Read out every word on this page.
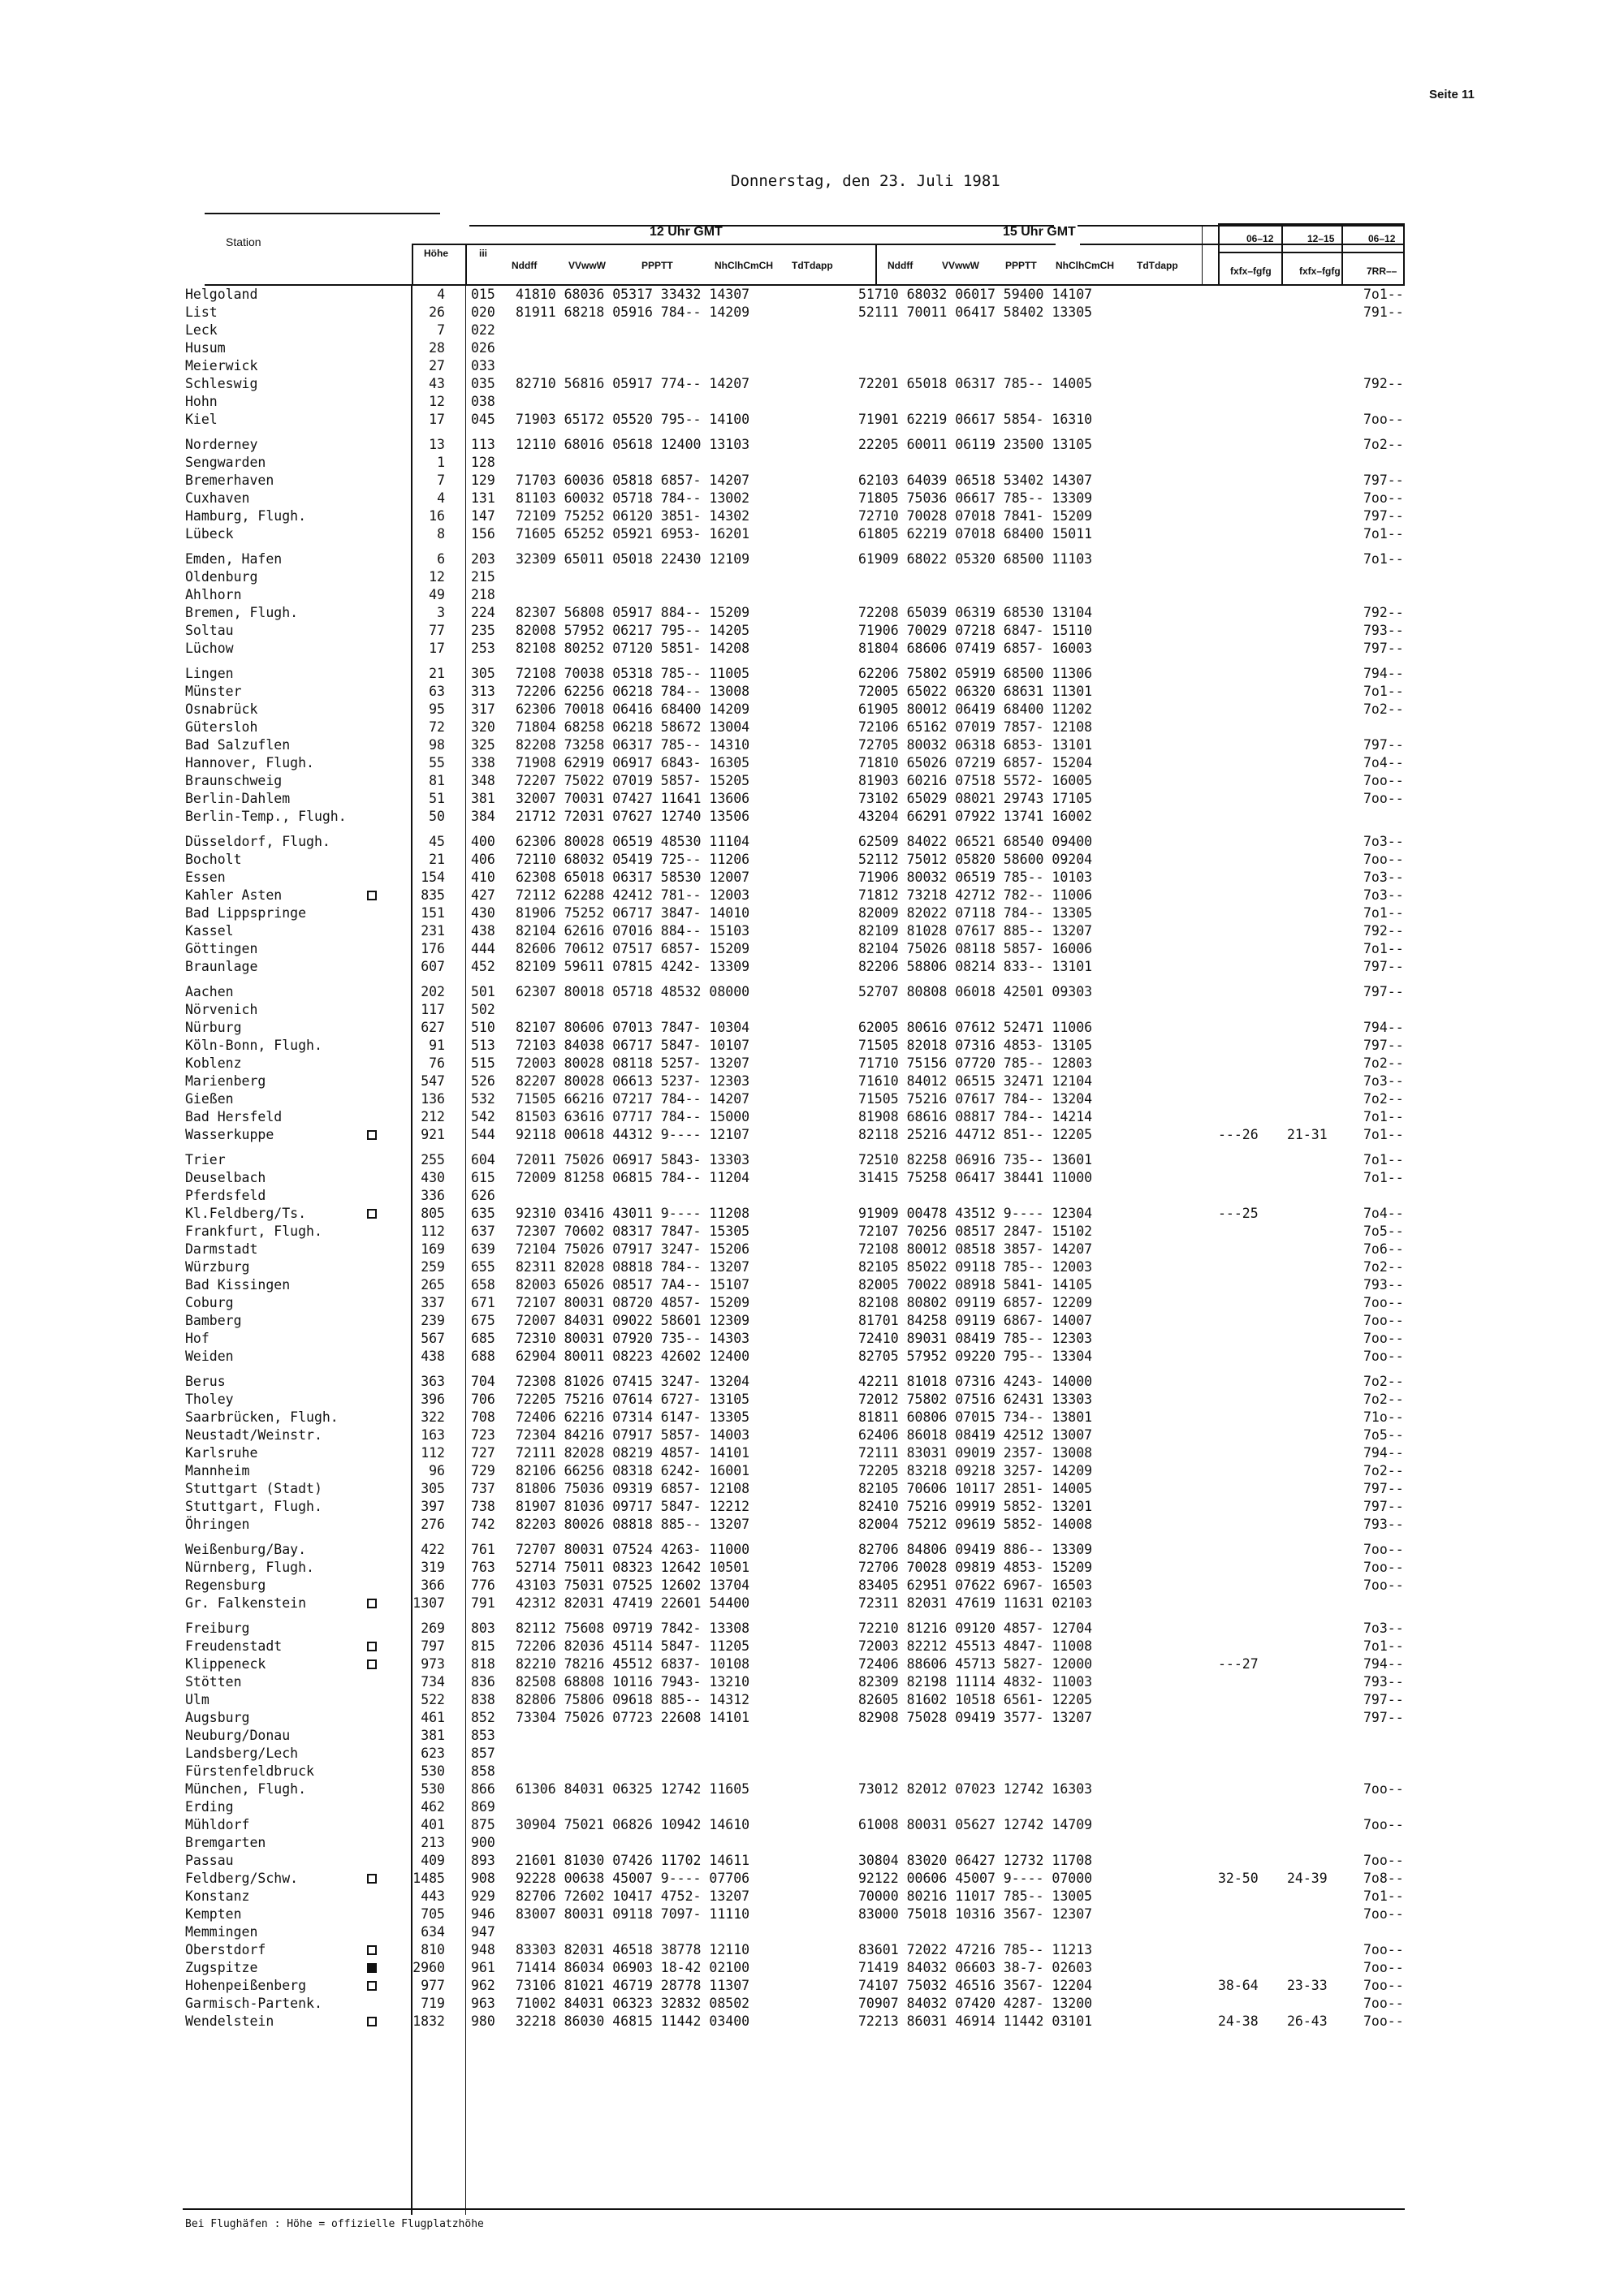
Seite 11
Donnerstag, den 23. Juli 1981
Station
Höhe	iii
12 Uhr GMT	15 Uhr GMT
Nddff	VVwwW	PPPTT	NhClhCmCH TdTdapp	Nddff	VVwwW	PPPTT NhClhCmCH TdTdapp
06–12	12–15	06–12
fxfx–fgfg	fxfx–fgfg	7RR––
Helgoland	4 015 41810 68036 05317 33432 14307	51710 68032 06017 59400 14107	7o1--
List	26 020 81911 68218 05916 784-- 14209	52111 70011 06417 58402 13305	791--
Leck	7 022
Husum	28 026
Meierwick	27 033
Schleswig	43 035 82710 56816 05917 774-- 14207	72201 65018 06317 785-- 14005	792--
Hohn	12 038
Kiel	17 045 71903 65172 05520 795-- 14100	71901 62219 06617 5854- 16310	7oo--
Norderney	13 113 12110 68016 05618 12400 13103	22205 60011 06119 23500 13105	7o2--
Sengwarden	1 128
Bremerhaven	7 129 71703 60036 05818 6857- 14207	62103 64039 06518 53402 14307	797--
Cuxhaven	4 131 81103 60032 05718 784-- 13002	71805 75036 06617 785-- 13309	7oo--
Hamburg, Flugh.	16 147 72109 75252 06120 3851- 14302	72710 70028 07018 7841- 15209	797--
Lübeck	8 156 71605 65252 05921 6953- 16201	61805 62219 07018 68400 15011	7o1--
Emden, Hafen	6 203 32309 65011 05018 22430 12109	61909 68022 05320 68500 11103	7o1--
Oldenburg	12 215
Ahlhorn	49 218
Bremen, Flugh.	3 224 82307 56808 05917 884-- 15209	72208 65039 06319 68530 13104	792--
Soltau	77 235 82008 57952 06217 795-- 14205	71906 70029 07218 6847- 15110	793--
Lüchow	17 253 82108 80252 07120 5851- 14208	81804 68606 07419 6857- 16003	797--
Lingen	21 305 72108 70038 05318 785-- 11005	62206 75802 05919 68500 11306	794--
Münster	63 313 72206 62256 06218 784-- 13008	72005 65022 06320 68631 11301	7o1--
Osnabrück	95 317 62306 70018 06416 68400 14209	61905 80012 06419 68400 11202	7o2--
Gütersloh	72 320 71804 68258 06218 58672 13004	72106 65162 07019 7857- 12108
Bad Salzuflen	98 325 82208 73258 06317 785-- 14310	72705 80032 06318 6853- 13101	797--
Hannover, Flugh.	55 338 71908 62919 06917 6843- 16305	71810 65026 07219 6857- 15204	7o4--
Braunschweig	81 348 72207 75022 07019 5857- 15205	81903 60216 07518 5572- 16005	7oo--
Berlin-Dahlem	51 381 32007 70031 07427 11641 13606	73102 65029 08021 29743 17105	7oo--
Berlin-Temp., Flugh.	50 384 21712 72031 07627 12740 13506	43204 66291 07922 13741 16002
Düsseldorf, Flugh.	45 400 62306 80028 06519 48530 11104	62509 84022 06521 68540 09400	7o3--
Bocholt	21 406 72110 68032 05419 725-- 11206	52112 75012 05820 58600 09204	7oo--
Essen	154 410 62308 65018 06317 58530 12007	71906 80032 06519 785-- 10103	7o3--
Kahler Asten	835 427 72112 62288 42412 781-- 12003	71812 73218 42712 782-- 11006	7o3--
Bad Lippspringe	151 430 81906 75252 06717 3847- 14010	82009 82022 07118 784-- 13305	7o1--
Kassel	231 438 82104 62616 07016 884-- 15103	82109 81028 07617 885-- 13207	792--
Göttingen	176 444 82606 70612 07517 6857- 15209	82104 75026 08118 5857- 16006	7o1--
Braunlage	607 452 82109 59611 07815 4242- 13309	82206 58806 08214 833-- 13101	797--
Aachen	202 501 62307 80018 05718 48532 08000	52707 80808 06018 42501 09303	797--
Nörvenich	117 502
Nürburg	627 510 82107 80606 07013 7847- 10304	62005 80616 07612 52471 11006	794--
Köln-Bonn, Flugh.	91 513 72103 84038 06717 5847- 10107	71505 82018 07316 4853- 13105	797--
Koblenz	76 515 72003 80028 08118 5257- 13207	71710 75156 07720 785-- 12803	7o2--
Marienberg	547 526 82207 80028 06613 5237- 12303	71610 84012 06515 32471 12104	7o3--
Gießen	136 532 71505 66216 07217 784-- 14207	71505 75216 07617 784-- 13204	7o2--
Bad Hersfeld	212 542 81503 63616 07717 784-- 15000	81908 68616 08817 784-- 14214	7o1--
Wasserkuppe	921 544 92118 00618 44312 9---- 12107	82118 25216 44712 851-- 12205	---26 21-31	7o1--
Trier	255 604 72011 75026 06917 5843- 13303	72510 82258 06916 735-- 13601	7o1--
Deuselbach	430 615 72009 81258 06815 784-- 11204	31415 75258 06417 38441 11000	7o1--
Pferdsfeld	336 626
Kl.Feldberg/Ts.	805 635 92310 03416 43011 9---- 11208	91909 00478 43512 9---- 12304	---25	7o4--
Frankfurt, Flugh.	112 637 72307 70602 08317 7847- 15305	72107 70256 08517 2847- 15102	7o5--
Darmstadt	169 639 72104 75026 07917 3247- 15206	72108 80012 08518 3857- 14207	7o6--
Würzburg	259 655 82311 82028 08818 784-- 13207	82105 85022 09118 785-- 12003	7o2--
Bad Kissingen	265 658 82003 65026 08517 7A4-- 15107	82005 70022 08918 5841- 14105	793--
Coburg	337 671 72107 80031 08720 4857- 15209	82108 80802 09119 6857- 12209	7oo--
Bamberg	239 675 72007 84031 09022 58601 12309	81701 84258 09119 6867- 14007	7oo--
Hof	567 685 72310 80031 07920 735-- 14303	72410 89031 08419 785-- 12303	7oo--
Weiden	438 688 62904 80011 08223 42602 12400	82705 57952 09220 795-- 13304	7oo--
Berus	363 704 72308 81026 07415 3247- 13204	42211 81018 07316 4243- 14000	7o2--
Tholey	396 706 72205 75216 07614 6727- 13105	72012 75802 07516 62431 13303	7o2--
Saarbrücken, Flugh.	322 708 72406 62216 07314 6147- 13305	81811 60806 07015 734-- 13801	71o--
Neustadt/Weinstr.	163 723 72304 84216 07917 5857- 14003	62406 86018 08419 42512 13007	7o5--
Karlsruhe	112 727 72111 82028 08219 4857- 14101	72111 83031 09019 2357- 13008	794--
Mannheim	96 729 82106 66256 08318 6242- 16001	72205 83218 09218 3257- 14209	7o2--
Stuttgart (Stadt)	305 737 81806 75036 09319 6857- 12108	82105 70606 10117 2851- 14005	797--
Stuttgart, Flugh.	397 738 81907 81036 09717 5847- 12212	82410 75216 09919 5852- 13201	797--
Öhringen	276 742 82203 80026 08818 885-- 13207	82004 75212 09619 5852- 14008	793--
Weißenburg/Bay.	422 761 72707 80031 07524 4263- 11000	82706 84806 09419 886-- 13309	7oo--
Nürnberg, Flugh.	319 763 52714 75011 08323 12642 10501	72706 70028 09819 4853- 15209	7oo--
Regensburg	366 776 43103 75031 07525 12602 13704	83405 62951 07622 6967- 16503	7oo--
Gr. Falkenstein	1307 791 42312 82031 47419 22601 54400	72311 82031 47619 11631 02103
Freiburg	269 803 82112 75608 09719 7842- 13308	72210 81216 09120 4857- 12704	7o3--
Freudenstadt	797 815 72206 82036 45114 5847- 11205	72003 82212 45513 4847- 11008	7o1--
Klippeneck	973 818 82210 78216 45512 6837- 10108	72406 88606 45713 5827- 12000	---27	794--
Stötten	734 836 82508 68808 10116 7943- 13210	82309 82198 11114 4832- 11003	793--
Ulm	522 838 82806 75806 09618 885-- 14312	82605 81602 10518 6561- 12205	797--
Augsburg	461 852 73304 75026 07723 22608 14101	82908 75028 09419 3577- 13207	797--
Neuburg/Donau	381 853
Landsberg/Lech	623 857
Fürstenfeldbruck	530 858
München, Flugh.	530 866 61306 84031 06325 12742 11605	73012 82012 07023 12742 16303	7oo--
Erding	462 869
Mühldorf	401 875 30904 75021 06826 10942 14610	61008 80031 05627 12742 14709	7oo--
Bremgarten	213 900
Passau	409 893 21601 81030 07426 11702 14611	30804 83020 06427 12732 11708	7oo--
Feldberg/Schw.	1485 908 92228 00638 45007 9---- 07706	92122 00606 45007 9---- 07000	32-50 24-39	7o8--
Konstanz	443 929 82706 72602 10417 4752- 13207	70000 80216 11017 785-- 13005	7o1--
Kempten	705 946 83007 80031 09118 7097- 11110	83000 75018 10316 3567- 12307	7oo--
Memmingen	634 947
Oberstdorf	810 948 83303 82031 46518 38778 12110	83601 72022 47216 785-- 11213	7oo--
Zugspitze	2960 961 71414 86034 06903 18-42 02100	71419 84032 06603 38-7- 02603	7oo--
Hohenpeißenberg	977 962 73106 81021 46719 28778 11307	74107 75032 46516 3567- 12204	38-64 23-33	7oo--
Garmisch-Partenk.	719 963 71002 84031 06323 32832 08502	70907 84032 07420 4287- 13200	7oo--
Wendelstein	1832 980 32218 86030 46815 11442 03400	72213 86031 46914 11442 03101	24-38 26-43	7oo--
Bei Flughäfen : Höhe = offizielle Flugplatzhöhe
